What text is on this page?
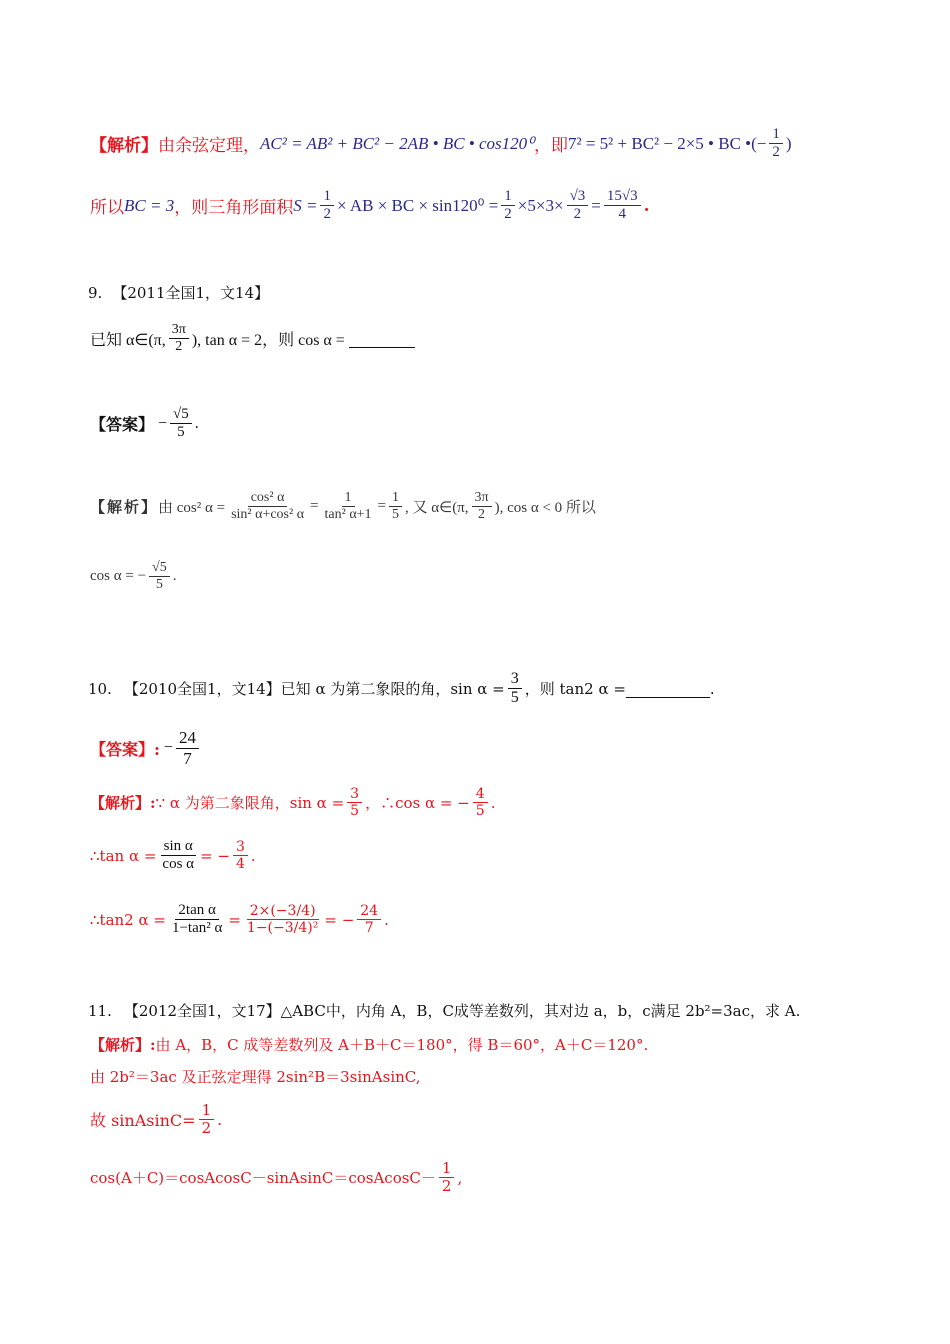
【解析】 由余弦定理， AC² = AB² + BC² − 2AB • BC • cos120⁰ ，即 7² = 5² + BC² − 2×5 • BC •(− $\frac{1}{2}$ )
所以 BC = 3 ，则三角形面积 $S = \frac{1}{2}$ × AB × BC × $\sin 120^0 = \frac{1}{2} \times 5\times 3\times \frac{√3}{2} = \frac{15√3}{4}$ .
9. 【2011全国1，文14】
已知 α∈(π, $\frac{3\pi}{2}$ ), tan α = 2，则 cos α =
【答案】 − $\frac{√5}{5}$ .
【解析】 由 cos² $\alpha = \frac{\text{cos² α}}{\text{sin² α+cos² α}} = \frac{1}{\text{tan² α+1}} = \frac{1}{5}$ , 又 α∈(π, $\frac{3\pi}{2}$ ), cos α < 0 所以
cos α = − $\frac{√5}{5}$ .
10. 【2010全国1，文14】 已知 α 为第二象限的角，$\sin \alpha = \frac{3}{5}$ ，则 tan2 α =	.
【答案】: − $\frac{24}{7}$
【解析】: ∵ α 为第二象限角，$\sin \alpha = \frac{3}{5}$ ，∴cos α = − $\frac{4}{5}$ .
∴tan $\alpha = \frac{\text{sin α}}{\text{cos α}}$ = − $\frac{3}{4}$ .
∴tan2 $\alpha = \frac{\text{2tan α}}{\text{1−tan² α}} = \frac{2\times(-3/4)}{\text{1−(−3/4)²}}$ = − $\frac{24}{7}$ .
11. 【2012全国1，文17】 △ABC中，内角 A，B，C成等差数列，其对边 a，b，c满足 2b²=3ac，求 A.
【解析】: 由 A，B，C 成等差数列及 A＋B＋C＝180°，得 B＝60°，A＋C＝120°.
由 2b²＝3ac 及正弦定理得 2sin²B＝3sinAsinC,
故 sinAsinC= $\frac{1}{2}$ .
cos(A＋C)＝cosAcosC－sinAsinC＝cosAcosC－ $\frac{1}{2}$ ,
